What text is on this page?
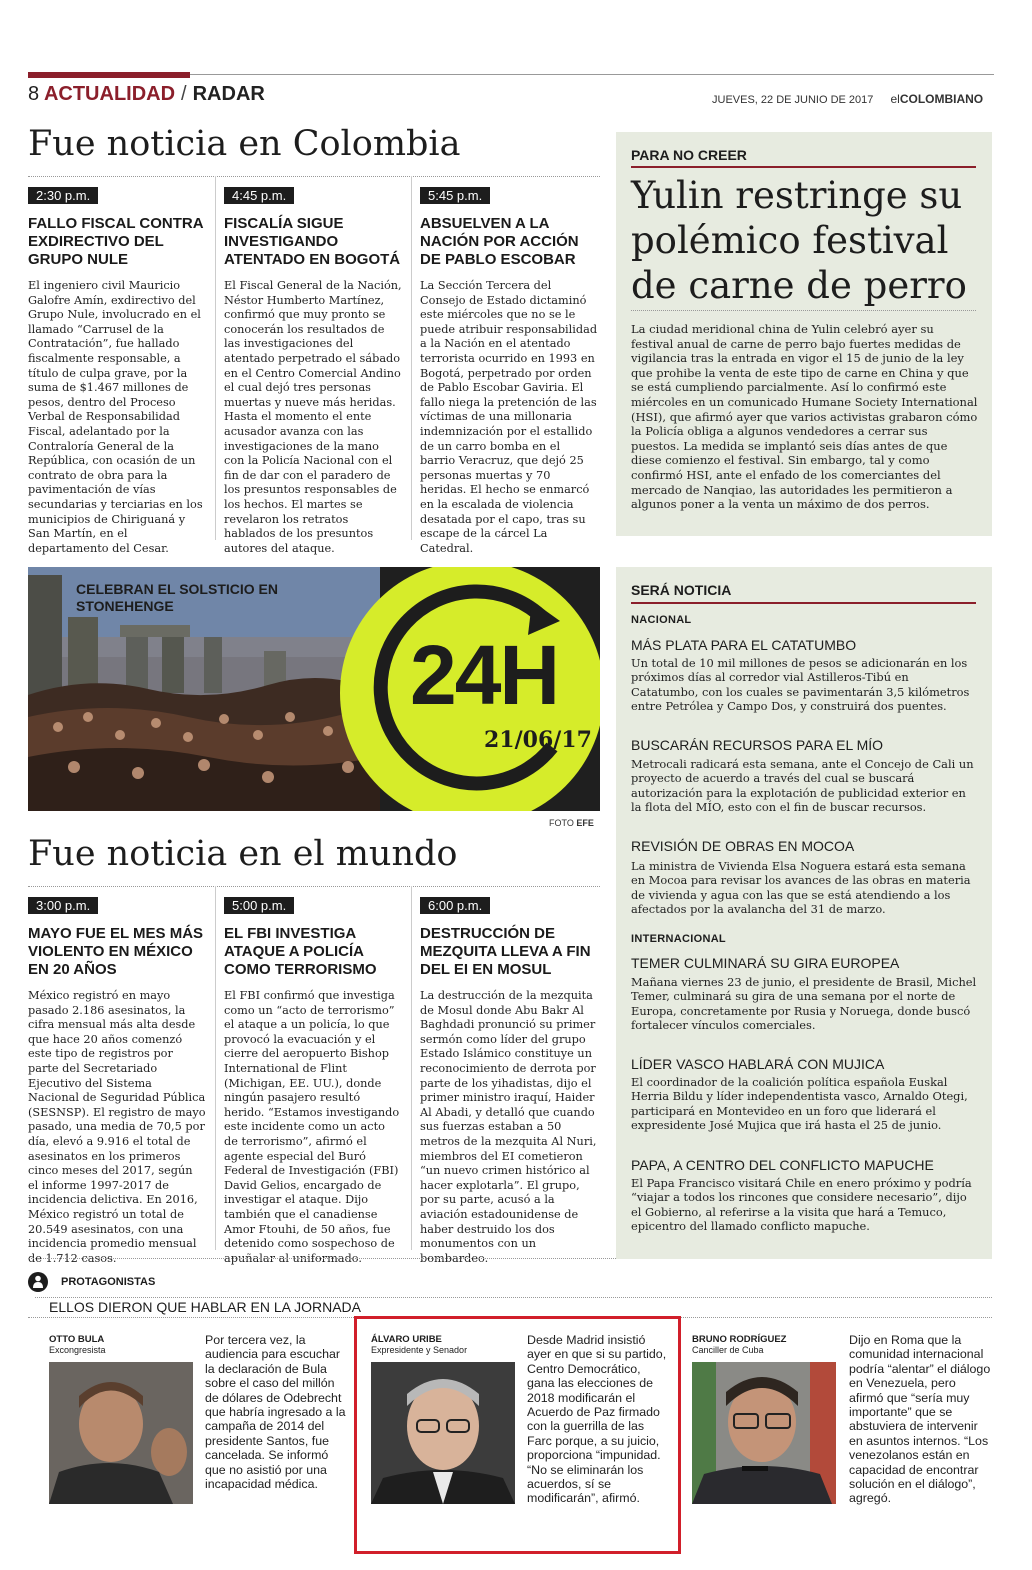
8 ACTUALIDAD / RADAR	JUEVES, 22 DE JUNIO DE 2017 elCOLOMBIANO
Fue noticia en Colombia
2:30 p.m.
FALLO FISCAL CONTRA EXDIRECTIVO DEL GRUPO NULE
El ingeniero civil Mauricio Galofre Amín, exdirectivo del Grupo Nule, involucrado en el llamado “Carrusel de la Contratación”, fue hallado fiscalmente responsable, a título de culpa grave, por la suma de $1.467 millones de pesos, dentro del Proceso Verbal de Responsabilidad Fiscal, adelantado por la Contraloría General de la República, con ocasión de un contrato de obra para la pavimentación de vías secundarias y terciarias en los municipios de Chiriguaná y San Martín, en el departamento del Cesar.
4:45 p.m.
FISCALÍA SIGUE INVESTIGANDO ATENTADO EN BOGOTÁ
El Fiscal General de la Nación, Néstor Humberto Martínez, confirmó que muy pronto se conocerán los resultados de las investigaciones del atentado perpetrado el sábado en el Centro Comercial Andino el cual dejó tres personas muertas y nueve más heridas. Hasta el momento el ente acusador avanza con las investigaciones de la mano con la Policía Nacional con el fin de dar con el paradero de los presuntos responsables de los hechos. El martes se revelaron los retratos hablados de los presuntos autores del ataque.
5:45 p.m.
ABSUELVEN A LA NACIÓN POR ACCIÓN DE PABLO ESCOBAR
La Sección Tercera del Consejo de Estado dictaminó este miércoles que no se le puede atribuir responsabilidad a la Nación en el atentado terrorista ocurrido en 1993 en Bogotá, perpetrado por orden de Pablo Escobar Gaviria. El fallo niega la pretención de las víctimas de una millonaria indemnización por el estallido de un carro bomba en el barrio Veracruz, que dejó 25 personas muertas y 70 heridas. El hecho se enmarcó en la escalada de violencia desatada por el capo, tras su escape de la cárcel La Catedral.
PARA NO CREER
Yulin restringe su polémico festival de carne de perro
La ciudad meridional china de Yulin celebró ayer su festival anual de carne de perro bajo fuertes medidas de vigilancia tras la entrada en vigor el 15 de junio de la ley que prohibe la venta de este tipo de carne en China y que se está cumpliendo parcialmente. Así lo confirmó este miércoles en un comunicado Humane Society International (HSI), que afirmó ayer que varios activistas grabaron cómo la Policía obliga a algunos vendedores a cerrar sus puestos. La medida se implantó seis días antes de que diese comienzo el festival. Sin embargo, tal y como confirmó HSI, ante el enfado de los comerciantes del mercado de Nanqiao, las autoridades les permitieron a algunos poner a la venta un máximo de dos perros.
CELEBRAN EL SOLSTICIO EN STONEHENGE
24H
21/06/17
FOTO EFE
Fue noticia en el mundo
3:00 p.m.
MAYO FUE EL MES MÁS VIOLENTO EN MÉXICO EN 20 AÑOS
México registró en mayo pasado 2.186 asesinatos, la cifra mensual más alta desde que hace 20 años comenzó este tipo de registros por parte del Secretariado Ejecutivo del Sistema Nacional de Seguridad Pública (SESNSP). El registro de mayo pasado, una media de 70,5 por día, elevó a 9.916 el total de asesinatos en los primeros cinco meses del 2017, según el informe 1997-2017 de incidencia delictiva. En 2016, México registró un total de 20.549 asesinatos, con una incidencia promedio mensual de 1.712 casos.
5:00 p.m.
EL FBI INVESTIGA ATAQUE A POLICÍA COMO TERRORISMO
El FBI confirmó que investiga como un “acto de terrorismo” el ataque a un policía, lo que provocó la evacuación y el cierre del aeropuerto Bishop International de Flint (Michigan, EE. UU.), donde ningún pasajero resultó herido. “Estamos investigando este incidente como un acto de terrorismo”, afirmó el agente especial del Buró Federal de Investigación (FBI) David Gelios, encargado de investigar el ataque. Dijo también que el canadiense Amor Ftouhi, de 50 años, fue detenido como sospechoso de apuñalar al uniformado.
6:00 p.m.
DESTRUCCIÓN DE MEZQUITA LLEVA A FIN DEL EI EN MOSUL
La destrucción de la mezquita de Mosul donde Abu Bakr Al Baghdadi pronunció su primer sermón como líder del grupo Estado Islámico constituye un reconocimiento de derrota por parte de los yihadistas, dijo el primer ministro iraquí, Haider Al Abadi, y detalló que cuando sus fuerzas estaban a 50 metros de la mezquita Al Nuri, miembros del EI cometieron “un nuevo crimen histórico al hacer explotarla”. El grupo, por su parte, acusó a la aviación estadounidense de haber destruido los dos monumentos con un bombardeo.
SERÁ NOTICIA
NACIONAL
MÁS PLATA PARA EL CATATUMBO
Un total de 10 mil millones de pesos se adicionarán en los próximos días al corredor vial Astilleros-Tibú en Catatumbo, con los cuales se pavimentarán 3,5 kilómetros entre Petrólea y Campo Dos, y construirá dos puentes.
BUSCARÁN RECURSOS PARA EL MÍO
Metrocali radicará esta semana, ante el Concejo de Cali un proyecto de acuerdo a través del cual se buscará autorización para la explotación de publicidad exterior en la flota del MÍO, esto con el fin de buscar recursos.
REVISIÓN DE OBRAS EN MOCOA
La ministra de Vivienda Elsa Noguera estará esta semana en Mocoa para revisar los avances de las obras en materia de vivienda y agua con las que se está atendiendo a los afectados por la avalancha del 31 de marzo.
INTERNACIONAL
TEMER CULMINARÁ SU GIRA EUROPEA
Mañana viernes 23 de junio, el presidente de Brasil, Michel Temer, culminará su gira de una semana por el norte de Europa, concretamente por Rusia y Noruega, donde buscó fortalecer vínculos comerciales.
LÍDER VASCO HABLARÁ CON MUJICA
El coordinador de la coalición política española Euskal Herria Bildu y líder independentista vasco, Arnaldo Otegi, participará en Montevideo en un foro que liderará el expresidente José Mujica que irá hasta el 25 de junio.
PAPA, A CENTRO DEL CONFLICTO MAPUCHE
El Papa Francisco visitará Chile en enero próximo y podría “viajar a todos los rincones que considere necesario”, dijo el Gobierno, al referirse a la visita que hará a Temuco, epicentro del llamado conflicto mapuche.
PROTAGONISTAS
ELLOS DIERON QUE HABLAR EN LA JORNADA
OTTO BULA
Excongresista
Por tercera vez, la audiencia para escuchar la declaración de Bula sobre el caso del millón de dólares de Odebrecht que habría ingresado a la campaña de 2014 del presidente Santos, fue cancelada. Se informó que no asistió por una incapacidad médica.
ÁLVARO URIBE
Expresidente y Senador
Desde Madrid insistió ayer en que si su partido, Centro Democrático, gana las elecciones de 2018 modificarán el Acuerdo de Paz firmado con la guerrilla de las Farc porque, a su juicio, proporciona “impunidad. “No se eliminarán los acuerdos, sí se modificarán”, afirmó.
BRUNO RODRÍGUEZ
Canciller de Cuba
Dijo en Roma que la comunidad internacional podría “alentar” el diálogo en Venezuela, pero afirmó que “sería muy importante” que se abstuviera de intervenir en asuntos internos. “Los venezolanos están en capacidad de encontrar solución en el diálogo”, agregó.
